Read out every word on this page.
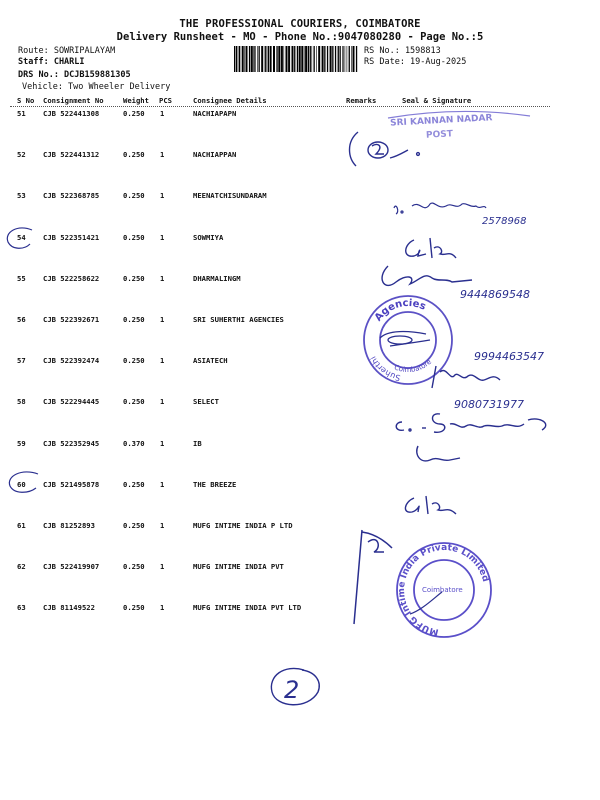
THE PROFESSIONAL COURIERS, COIMBATORE
Delivery Runsheet - MO - Phone No.:9047080280 - Page No.:5
Route: SOWRIPALAYAM
Staff: CHARLI
DRS No.: DCJB159881305
Vehicle: Two Wheeler Delivery
RS No.: 1598813
RS Date: 19-Aug-2025
S No Consignment No	Weight PCS	Consignee Details	Remarks	Seal & Signature
51 CJB 522441308	0.250 1	NACHIAPAPN
52 CJB 522441312	0.250 1	NACHIAPPAN
53 CJB 522368785	0.250 1	MEENATCHISUNDARAM
54 CJB 522351421	0.250 1	SOWMIYA
55 CJB 522258622	0.250 1	DHARMALINGM
56 CJB 522392671	0.250 1	SRI SUHERTHI AGENCIES
57 CJB 522392474	0.250 1	ASIATECH
58 CJB 522294445	0.250 1	SELECT
59 CJB 522352945	0.370 1	IB
60 CJB 521495878	0.250 1	THE BREEZE
61 CJB 81252893	0.250 1	MUFG INTIME INDIA P LTD
62 CJB 522419907	0.250 1	MUFG INTIME INDIA PVT
63 CJB 81149522	0.250 1	MUFG INTIME INDIA PVT LTD
SRI KANNAN NADAR
POST
2578968
9444869548
Agencies
Suherthi
Coimbatore	9994463547
9080731977
MUFG Intime India Private Limited
Coimbatore
2
